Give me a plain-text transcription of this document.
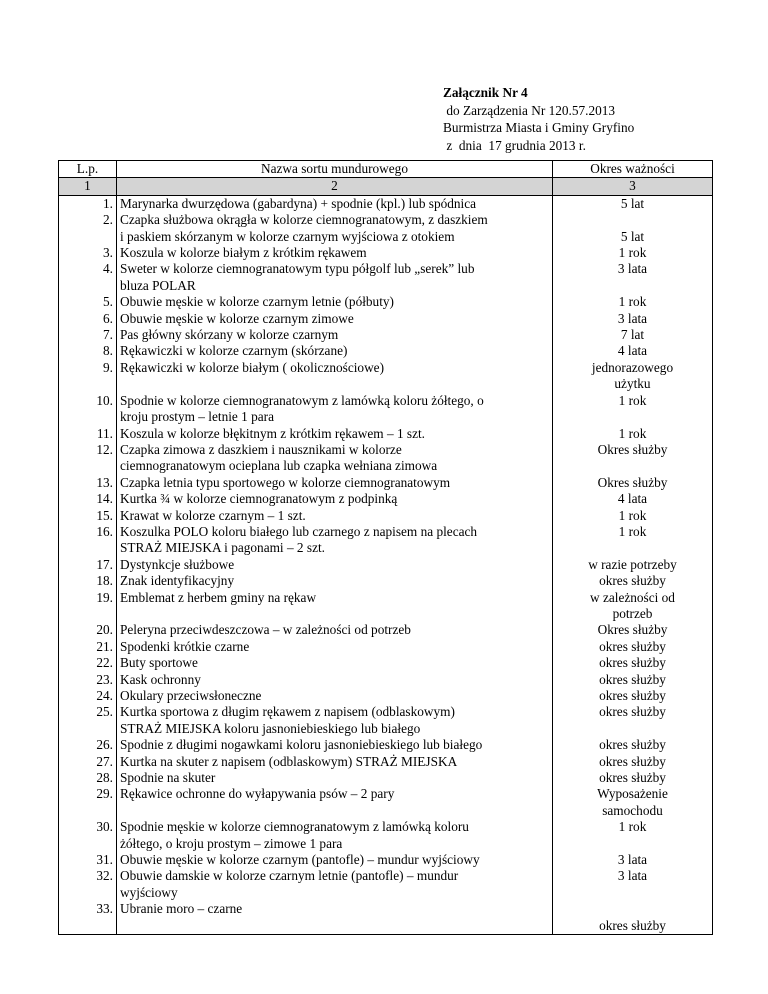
Załącznik Nr 4
do Zarządzenia Nr 120.57.2013
Burmistrza Miasta i Gminy Gryfino
z  dnia  17 grudnia 2013 r.
L.p.	Nazwa sortu mundurowego	Okres ważności
1	2	3
1.	Marynarka dwurzędowa (gabardyna) + spodnie (kpl.) lub spódnica	5 lat

2.	Czapka służbowa okrągła w kolorze ciemnogranatowym, z daszkiem
i paskiem skórzanym w kolorze czarnym wyjściowa z otokiem	5 lat

3.	Koszula w kolorze białym z krótkim rękawem	1 rok

4.	Sweter w kolorze ciemnogranatowym typu półgolf lub „serek” lub
bluza POLAR	3 lata

5.	Obuwie męskie w kolorze czarnym letnie (półbuty)	1 rok

6.	Obuwie męskie w kolorze czarnym zimowe	3 lata

7.	Pas główny skórzany w kolorze czarnym	7 lat

8.	Rękawiczki w kolorze czarnym (skórzane)	4 lata

9.	Rękawiczki w kolorze białym ( okolicznościowe)	jednorazowego
użytku

10.	Spodnie w kolorze ciemnogranatowym z lamówką koloru żółtego, o
kroju prostym – letnie 1 para	1 rok

11.	Koszula w kolorze błękitnym z krótkim rękawem – 1 szt.	1 rok

12.	Czapka zimowa z daszkiem i nausznikami w kolorze
ciemnogranatowym ocieplana lub czapka wełniana zimowa	Okres służby

13.	Czapka letnia typu sportowego w kolorze ciemnogranatowym	Okres służby

14.	Kurtka ¾ w kolorze ciemnogranatowym z podpinką	4 lata

15.	Krawat w kolorze czarnym – 1 szt.	1 rok

16.	Koszulka POLO koloru białego lub czarnego z napisem na plecach
STRAŻ MIEJSKA i pagonami – 2 szt.	1 rok

17.	Dystynkcje służbowe	w razie potrzeby

18.	Znak identyfikacyjny	okres służby

19.	Emblemat z herbem gminy na rękaw	w zależności od
potrzeb

20.	Peleryna przeciwdeszczowa – w zależności od potrzeb	Okres służby

21.	Spodenki krótkie czarne	okres służby

22.	Buty sportowe	okres służby

23.	Kask ochronny	okres służby

24.	Okulary przeciwsłoneczne	okres służby

25.	Kurtka sportowa z długim rękawem z napisem (odblaskowym)
STRAŻ MIEJSKA koloru jasnoniebieskiego lub białego	okres służby

26.	Spodnie z długimi nogawkami koloru jasnoniebieskiego lub białego	okres służby

27.	Kurtka na skuter z napisem (odblaskowym) STRAŻ MIEJSKA	okres służby

28.	Spodnie na skuter	okres służby

29.	Rękawice ochronne do wyłapywania psów – 2 pary	Wyposażenie
samochodu

30.	Spodnie męskie w kolorze ciemnogranatowym z lamówką koloru
żółtego, o kroju prostym – zimowe 1 para	1 rok

31.	Obuwie męskie w kolorze czarnym (pantofle) – mundur wyjściowy	3 lata

32.	Obuwie damskie w kolorze czarnym letnie (pantofle) – mundur
wyjściowy	3 lata

33.	Ubranie moro – czarne	okres służby
